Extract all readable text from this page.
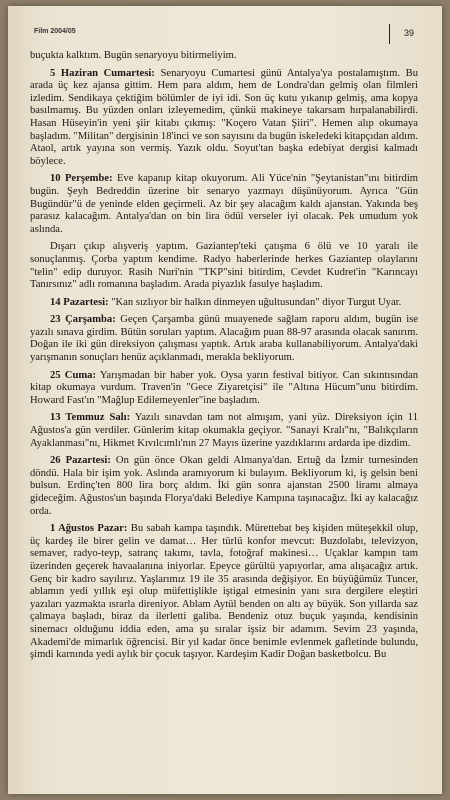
Film 2004/05	39

buçukta kalktım. Bugün senaryoyu bitirmeliyim.

5 Haziran Cumartesi: Senaryoyu Cumartesi günü Antalya'ya postalamıştım. Bu arada üç kez ajansa gittim. Hem para aldım, hem de Londra'dan gelmiş olan filmleri izledim. Sendikaya çektiğim bölümler de iyi idi. Son üç kutu yıkanıp gelmiş, ama kopya basılmamış. Bu yüzden onları izleyemedim, çünkü makineye takarsam hırpalanabilirdi. Hasan Hüseyin'in yeni şiir kitabı çıkmış: "Koçero Vatan Şiiri". Hemen alıp okumaya başladım. "Militan" dergisinin 18'inci ve son sayısını da bugün iskeledeki kitapçıdan aldım. Ataol, artık yayına son vermiş. Yazık oldu. Soyut'tan başka edebiyat dergisi kalmadı böylece.

10 Perşembe: Eve kapanıp kitap okuyorum. Ali Yüce'nin "Şeytanistan"ını bitirdim bugün. Şeyh Bedreddin üzerine bir senaryo yazmayı düşünüyorum. Ayrıca "Gün Bugündür"ü de yeninde elden geçirmeli. Az bir şey alacağım kaldı ajanstan. Yakında beş parasız kalacağım. Antalya'dan on bin lira ödül verseler iyi olacak. Pek umudum yok aslında.

Dışarı çıkıp alışveriş yaptım. Gaziantep'teki çatışma 6 ölü ve 10 yaralı ile sonuçlanmış. Çorba yaptım kendime. Radyo haberlerinde herkes Gaziantep olaylarını "telin" edip duruyor. Rasih Nuri'nin "TKP"sini bitirdim, Cevdet Kudret'in "Karıncayı Tanırsınız" adlı romanına başladım. Arada piyazlık fasulye haşladım.

14 Pazartesi: "Kan sızlıyor bir halkın dinmeyen uğultusundan" diyor Turgut Uyar.

23 Çarşamba: Geçen Çarşamba günü muayenede sağlam raporu aldım, bugün ise yazılı sınava girdim. Bütün soruları yaptım. Alacağım puan 88-97 arasında olacak sanırım. Doğan ile iki gün direksiyon çalışması yaptık. Artık araba kullanabiliyorum. Antalya'daki yarışmanın sonuçları henüz açıklanmadı, merakla bekliyorum.

25 Cuma: Yarışmadan bir haber yok. Oysa yarın festival bitiyor. Can sıkıntısından kitap okumaya vurdum. Traven'in "Gece Ziyaretçisi" ile "Altına Hücum"unu bitirdim. Howard Fast'ın "Mağlup Edilemeyenler"ine başladım.

13 Temmuz Salı: Yazılı sınavdan tam not almışım, yani yüz. Direksiyon için 11 Ağustos'a gün verdiler. Günlerim kitap okumakla geçiyor. "Sanayi Kralı"nı, "Balıkçıların Ayaklanması"nı, Hikmet Kıvılcımlı'nın 27 Mayıs üzerine yazdıklarını ardarda ipe dizdim.

26 Pazartesi: On gün önce Okan geldi Almanya'dan. Ertuğ da İzmir turnesinden döndü. Hala bir işim yok. Aslında aramıyorum ki bulayım. Bekliyorum ki, iş gelsin beni bulsun. Erdinç'ten 800 lira borç aldım. İki gün sonra ajanstan 2500 liramı almaya gideceğim. Ağustos'un başında Florya'daki Belediye Kampına taşınacağız. İki ay kalacağız orda.

1 Ağustos Pazar: Bu sabah kampa taşındık. Mürettebat beş kişiden müteşekkil olup, üç kardeş ile birer gelin ve damat… Her türlü konfor mevcut: Buzdolabı, televizyon, semaver, radyo-teyp, satranç takımı, tavla, fotoğraf makinesi… Uçaklar kampın tam üzerinden geçerek havaalanına iniyorlar. Epeyce gürültü yapıyorlar, ama alışacağız artık. Genç bir kadro sayılırız. Yaşlarımız 19 ile 35 arasında değişiyor. En büyüğümüz Tuncer, ablamın yedi yıllık eşi olup müfettişlikle iştigal etmesinin yanı sıra dergilere eleştiri yazıları yazmakta ısrarla direniyor. Ablam Aytül benden on altı ay büyük. Son yıllarda saz çalmaya başladı, biraz da ilerletti galiba. Bendeniz otuz buçuk yaşında, kendisinin sinemacı olduğunu iddia eden, ama şu sıralar işsiz bir adamım. Sevim 23 yaşında, Akademi'de mimarlık öğrencisi. Bir yıl kadar önce benimle evlenmek gafletinde bulundu, şimdi karnında yedi aylık bir çocuk taşıyor. Kardeşim Kadir Doğan basketbolcu. Bu
